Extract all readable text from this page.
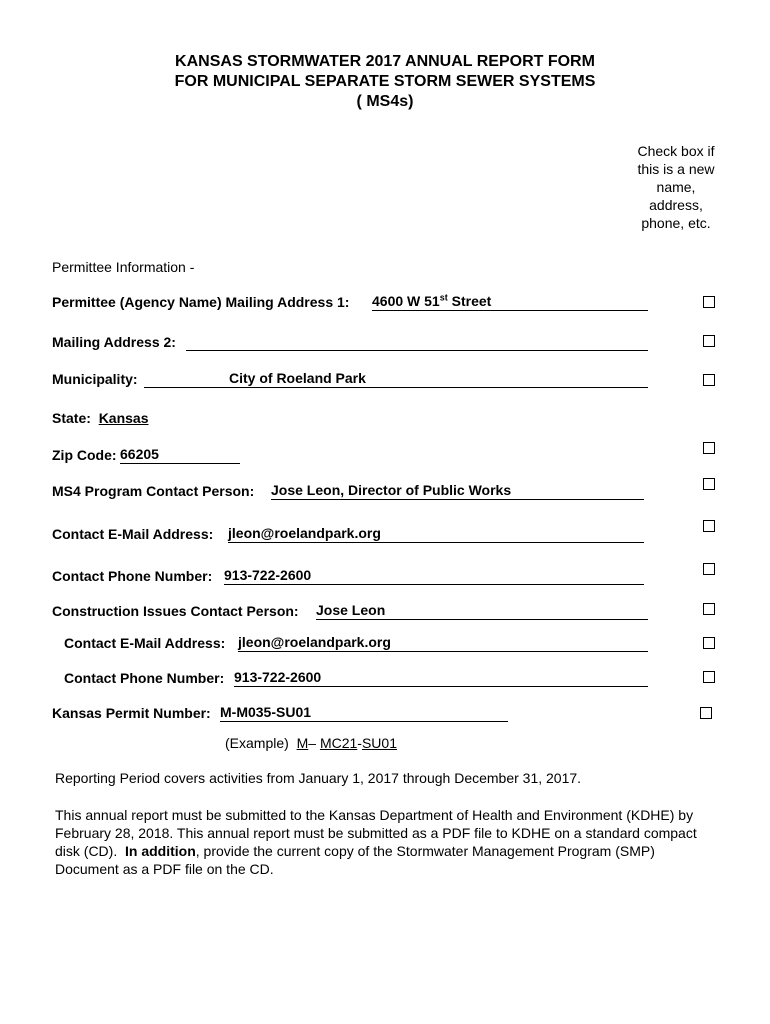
KANSAS STORMWATER 2017 ANNUAL REPORT FORM
FOR MUNICIPAL SEPARATE STORM SEWER SYSTEMS
( MS4s)
Check box if this is a new name, address, phone, etc.
Permittee Information -
Permittee (Agency Name) Mailing Address 1: 4600 W 51st Street
Mailing Address 2:
Municipality:	City of Roeland Park
State: Kansas
Zip Code: 66205
MS4 Program Contact Person: Jose Leon, Director of Public Works
Contact E-Mail Address: jleon@roelandpark.org
Contact Phone Number: 913-722-2600
Construction Issues Contact Person: Jose Leon
Contact E-Mail Address: jleon@roelandpark.org
Contact Phone Number: 913-722-2600
Kansas Permit Number: M-M035-SU01
(Example) M– MC21-SU01
Reporting Period covers activities from January 1, 2017 through December 31, 2017.
This annual report must be submitted to the Kansas Department of Health and Environment (KDHE) by February 28, 2018. This annual report must be submitted as a PDF file to KDHE on a standard compact disk (CD). In addition, provide the current copy of the Stormwater Management Program (SMP) Document as a PDF file on the CD.
